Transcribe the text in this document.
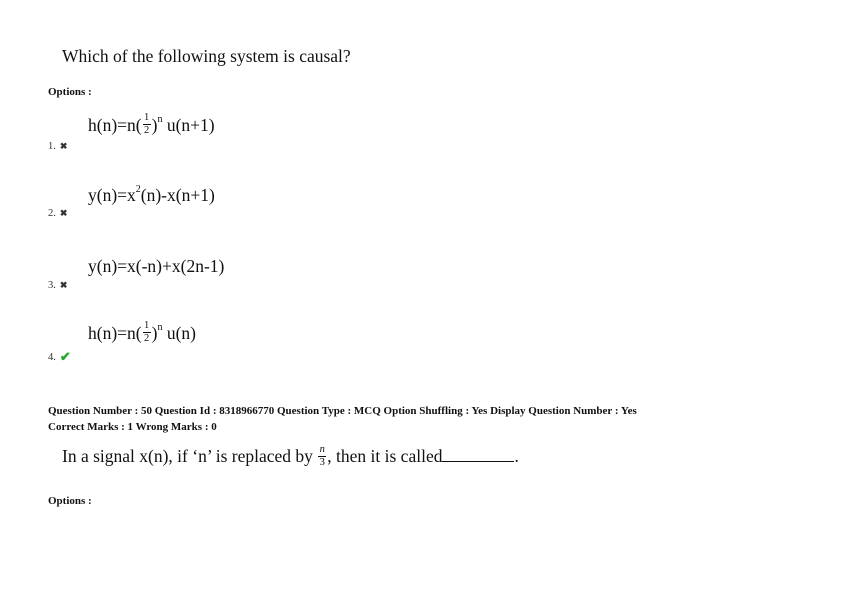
Which of the following system is causal?
Options :
$h(n)=n( \frac{1}{2} )^n$ u(n+1)
1. ✖
$y(n)=x^2(n)-x(n+1)$
2. ✖
y(n)=x(-n)+x(2n-1)
3. ✖
$h(n)=n( \frac{1}{2} )^n$ u(n)
4. ✔
Question Number : 50 Question Id : 8318966770 Question Type : MCQ Option Shuffling : Yes Display Question Number : Yes
Correct Marks : 1 Wrong Marks : 0
In a signal x(n), if ‘n’ is replaced by $\frac{n}{3}$ , then it is called	.
Options :
